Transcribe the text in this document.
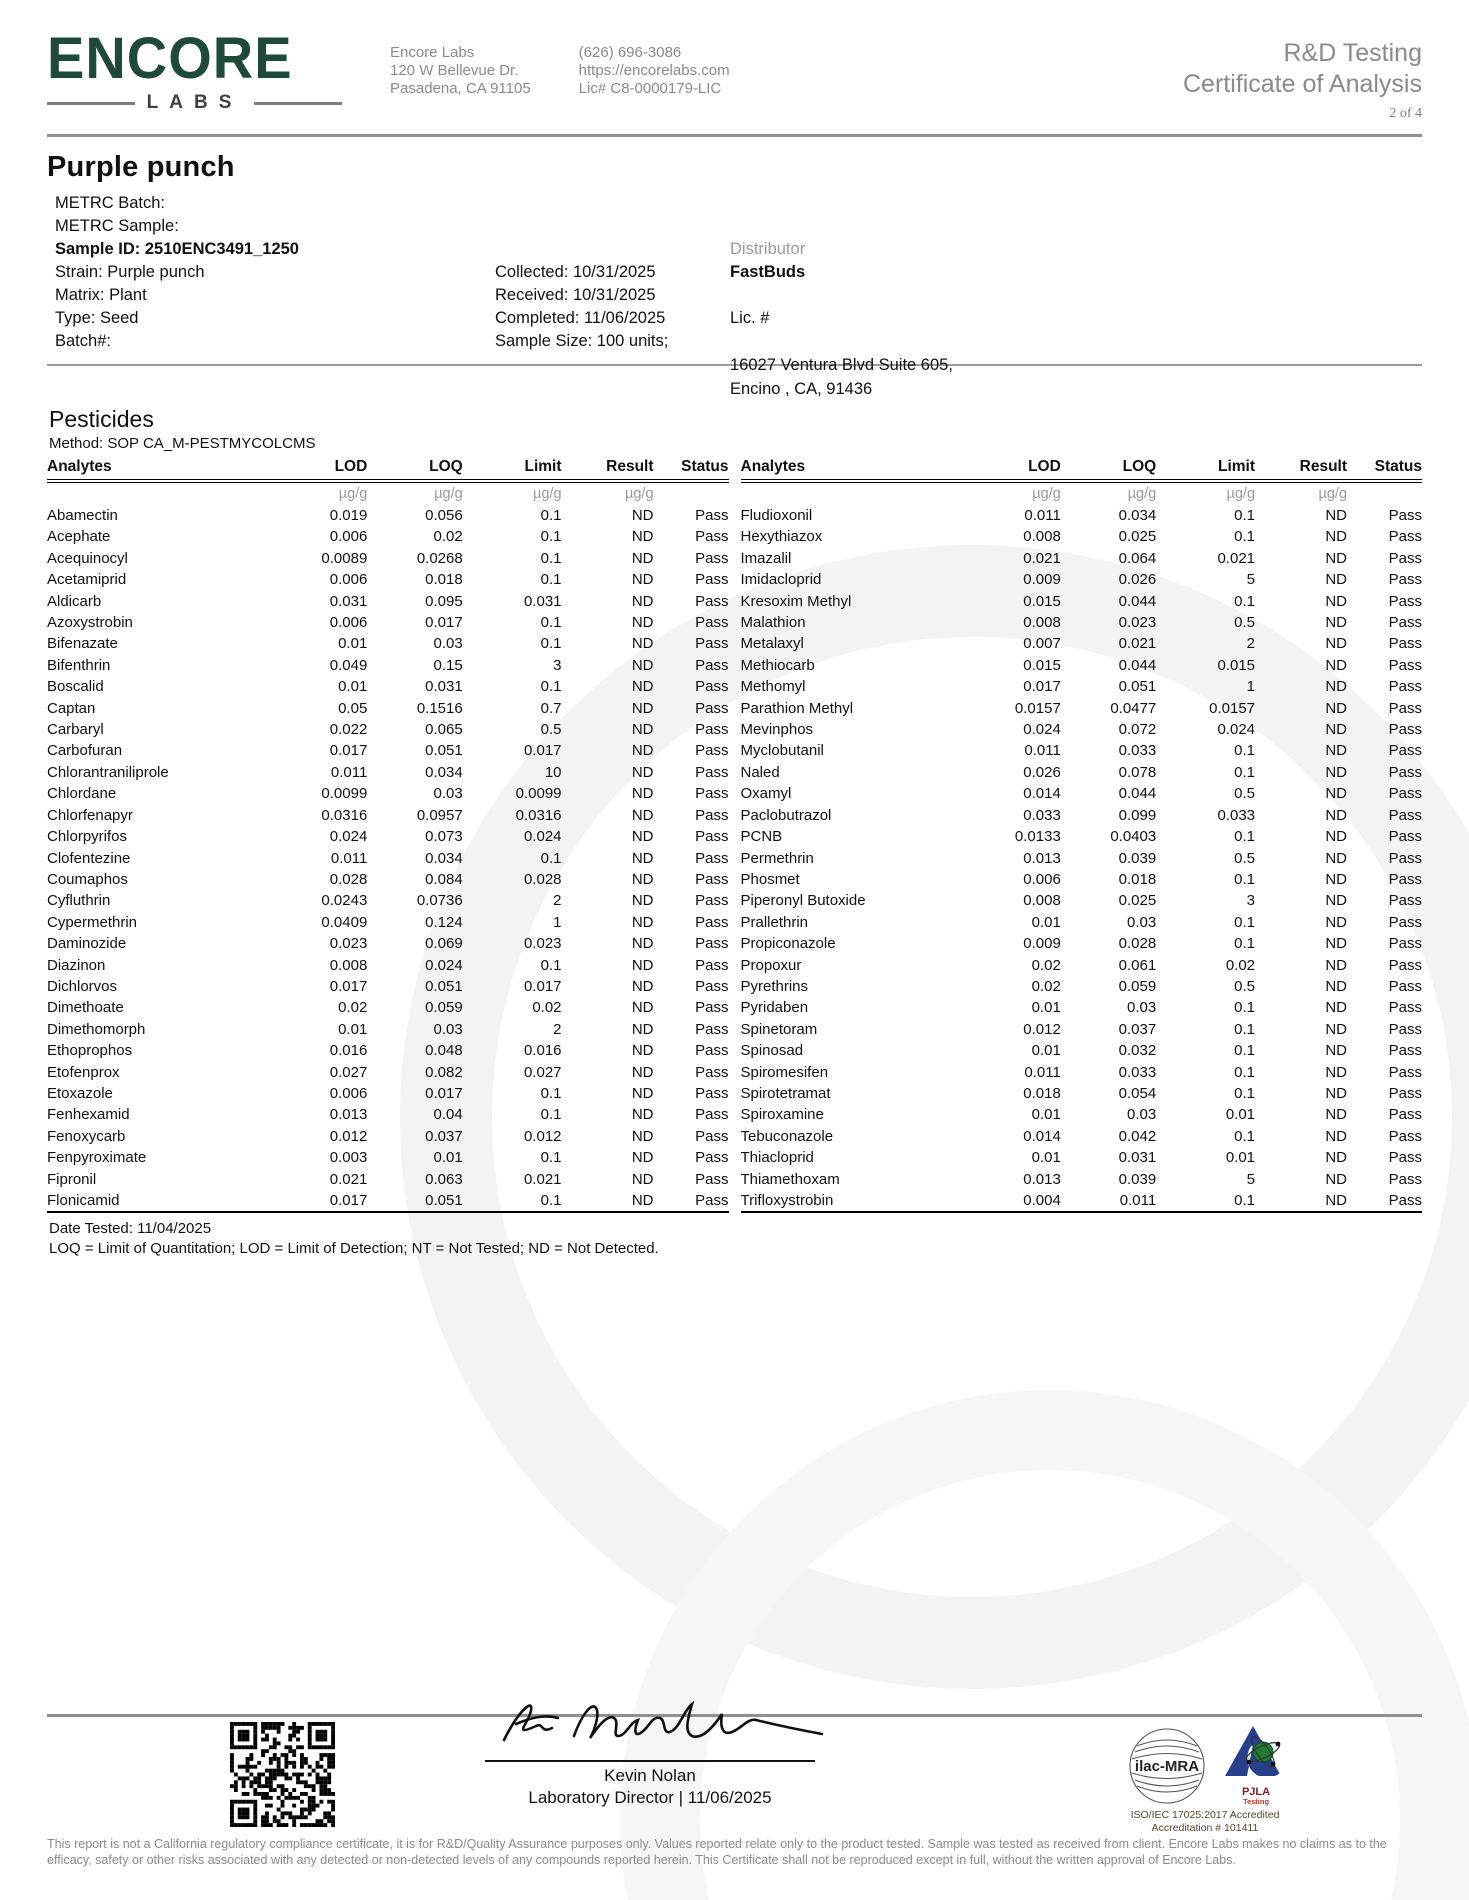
ENCORE
LABS
Encore Labs
120 W Bellevue Dr.
Pasadena, CA 91105
(626) 696-3086
https://encorelabs.com
Lic# C8-0000179-LIC
R&D Testing
Certificate of Analysis
2 of 4
Purple punch
METRC Batch:
METRC Sample:
Sample ID: 2510ENC3491_1250
Strain: Purple punch
Matrix: Plant
Type: Seed
Batch#:
Collected: 10/31/2025
Received: 10/31/2025
Completed: 11/06/2025
Sample Size: 100 units;
Distributor
FastBuds
Lic. #
16027 Ventura Blvd Suite 605,
Encino , CA, 91436
Pesticides
Method: SOP CA_M-PESTMYCOLCMS
Analytes	LOD	LOQ	Limit	Result	Status
	µg/g	µg/g	µg/g	µg/g	
Abamectin	0.019	0.056	0.1	ND	Pass
Acephate	0.006	0.02	0.1	ND	Pass
Acequinocyl	0.0089	0.0268	0.1	ND	Pass
Acetamiprid	0.006	0.018	0.1	ND	Pass
Aldicarb	0.031	0.095	0.031	ND	Pass
Azoxystrobin	0.006	0.017	0.1	ND	Pass
Bifenazate	0.01	0.03	0.1	ND	Pass
Bifenthrin	0.049	0.15	3	ND	Pass
Boscalid	0.01	0.031	0.1	ND	Pass
Captan	0.05	0.1516	0.7	ND	Pass
Carbaryl	0.022	0.065	0.5	ND	Pass
Carbofuran	0.017	0.051	0.017	ND	Pass
Chlorantraniliprole	0.011	0.034	10	ND	Pass
Chlordane	0.0099	0.03	0.0099	ND	Pass
Chlorfenapyr	0.0316	0.0957	0.0316	ND	Pass
Chlorpyrifos	0.024	0.073	0.024	ND	Pass
Clofentezine	0.011	0.034	0.1	ND	Pass
Coumaphos	0.028	0.084	0.028	ND	Pass
Cyfluthrin	0.0243	0.0736	2	ND	Pass
Cypermethrin	0.0409	0.124	1	ND	Pass
Daminozide	0.023	0.069	0.023	ND	Pass
Diazinon	0.008	0.024	0.1	ND	Pass
Dichlorvos	0.017	0.051	0.017	ND	Pass
Dimethoate	0.02	0.059	0.02	ND	Pass
Dimethomorph	0.01	0.03	2	ND	Pass
Ethoprophos	0.016	0.048	0.016	ND	Pass
Etofenprox	0.027	0.082	0.027	ND	Pass
Etoxazole	0.006	0.017	0.1	ND	Pass
Fenhexamid	0.013	0.04	0.1	ND	Pass
Fenoxycarb	0.012	0.037	0.012	ND	Pass
Fenpyroximate	0.003	0.01	0.1	ND	Pass
Fipronil	0.021	0.063	0.021	ND	Pass
Flonicamid	0.017	0.051	0.1	ND	Pass
Analytes	LOD	LOQ	Limit	Result	Status
	µg/g	µg/g	µg/g	µg/g	
Fludioxonil	0.011	0.034	0.1	ND	Pass
Hexythiazox	0.008	0.025	0.1	ND	Pass
Imazalil	0.021	0.064	0.021	ND	Pass
Imidacloprid	0.009	0.026	5	ND	Pass
Kresoxim Methyl	0.015	0.044	0.1	ND	Pass
Malathion	0.008	0.023	0.5	ND	Pass
Metalaxyl	0.007	0.021	2	ND	Pass
Methiocarb	0.015	0.044	0.015	ND	Pass
Methomyl	0.017	0.051	1	ND	Pass
Parathion Methyl	0.0157	0.0477	0.0157	ND	Pass
Mevinphos	0.024	0.072	0.024	ND	Pass
Myclobutanil	0.011	0.033	0.1	ND	Pass
Naled	0.026	0.078	0.1	ND	Pass
Oxamyl	0.014	0.044	0.5	ND	Pass
Paclobutrazol	0.033	0.099	0.033	ND	Pass
PCNB	0.0133	0.0403	0.1	ND	Pass
Permethrin	0.013	0.039	0.5	ND	Pass
Phosmet	0.006	0.018	0.1	ND	Pass
Piperonyl Butoxide	0.008	0.025	3	ND	Pass
Prallethrin	0.01	0.03	0.1	ND	Pass
Propiconazole	0.009	0.028	0.1	ND	Pass
Propoxur	0.02	0.061	0.02	ND	Pass
Pyrethrins	0.02	0.059	0.5	ND	Pass
Pyridaben	0.01	0.03	0.1	ND	Pass
Spinetoram	0.012	0.037	0.1	ND	Pass
Spinosad	0.01	0.032	0.1	ND	Pass
Spiromesifen	0.011	0.033	0.1	ND	Pass
Spirotetramat	0.018	0.054	0.1	ND	Pass
Spiroxamine	0.01	0.03	0.01	ND	Pass
Tebuconazole	0.014	0.042	0.1	ND	Pass
Thiacloprid	0.01	0.031	0.01	ND	Pass
Thiamethoxam	0.013	0.039	5	ND	Pass
Trifloxystrobin	0.004	0.011	0.1	ND	Pass
Date Tested: 11/04/2025
LOQ = Limit of Quantitation; LOD = Limit of Detection; NT = Not Tested; ND = Not Detected.
Kevin Nolan
Laboratory Director | 11/06/2025
ilac-MRA
PJLA
Testing
ISO/IEC 17025:2017 Accredited
Accreditation # 101411
This report is not a California regulatory compliance certificate, it is for R&D/Quality Assurance purposes only. Values reported relate only to the product tested. Sample was tested as received from client. Encore Labs makes no claims as to the efficacy, safety or other risks associated with any detected or non-detected levels of any compounds reported herein. This Certificate shall not be reproduced except in full, without the written approval of Encore Labs.
